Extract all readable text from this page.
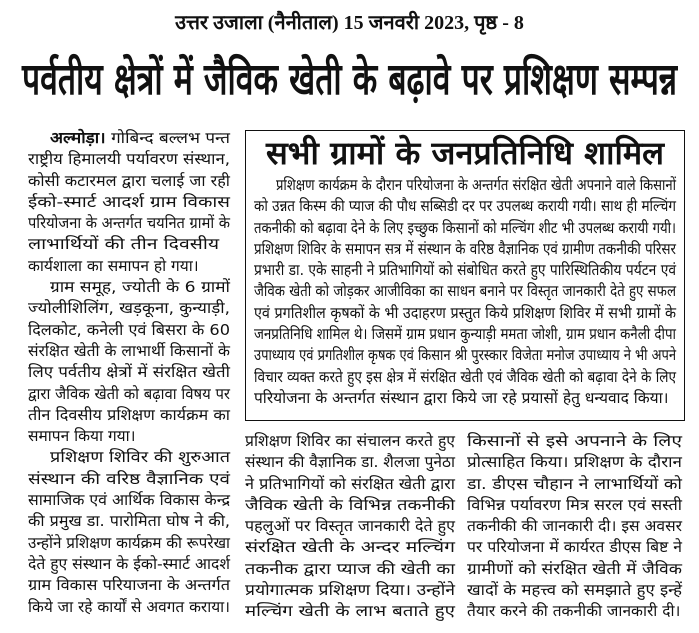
उत्तर उजाला (नैनीताल) 15 जनवरी 2023, पृष्ठ - 8
पर्वतीय क्षेत्रों में जैविक खेती के बढ़ावे पर प्रशिक्षण सम्पन्न
अल्मोड़ा। गोबिन्द बल्लभ पन्त
राष्ट्रीय हिमालयी पर्यावरण संस्थान,
कोसी कटारमल द्वारा चलाई जा रही
ईको-स्मार्ट आदर्श ग्राम विकास
परियोजना के अन्तर्गत चयनित ग्रामों के
लाभार्थियों की तीन दिवसीय
कार्यशाला का समापन हो गया।
ग्राम समूह, ज्योती के 6 ग्रामों
ज्योलीशिलिंग, खड़कूना, कुन्याड़ी,
दिलकोट, कनेली एवं बिसरा के 60
संरक्षित खेती के लाभार्थी किसानों के
लिए पर्वतीय क्षेत्रों में संरक्षित खेती
द्वारा जैविक खेती को बढ़ावा विषय पर
तीन दिवसीय प्रशिक्षण कार्यक्रम का
समापन किया गया।
प्रशिक्षण शिविर की शुरुआत
संस्थान की वरिष्ठ वैज्ञानिक एवं
सामाजिक एवं आर्थिक विकास केन्द्र
की प्रमुख डा. पारोमिता घोष ने की,
उन्होंने प्रशिक्षण कार्यक्रम की रूपरेखा
देते हुए संस्थान के ईको-स्मार्ट आदर्श
ग्राम विकास परियाजना के अन्तर्गत
किये जा रहे कार्यों से अवगत कराया।
सभी ग्रामों के जनप्रतिनिधि शामिल
प्रशिक्षण कार्यक्रम के दौरान परियोजना के अन्तर्गत संरक्षित खेती अपनाने वाले किसानों
को उन्नत किस्म की प्याज की पौध सब्सिडी दर पर उपलब्ध करायी गयी। साथ ही मल्चिंग
तकनीकी को बढ़ावा देने के लिए इच्छुक किसानों को मल्चिंग शीट भी उपलब्ध करायी गयी।
प्रशिक्षण शिविर के समापन सत्र में संस्थान के वरिष्ठ वैज्ञानिक एवं ग्रामीण तकनीकी परिसर
प्रभारी डा. एके साहनी ने प्रतिभागियों को संबोधित करते हुए पारिस्थितिकीय पर्यटन एवं
जैविक खेती को जोड़कर आजीविका का साधन बनाने पर विस्तृत जानकारी देते हुए सफल
एवं प्रगतिशील कृषकों के भी उदाहरण प्रस्तुत किये प्रशिक्षण शिविर में सभी ग्रामों के
जनप्रतिनिधि शामिल थे। जिसमें ग्राम प्रधान कुन्याड़ी ममता जोशी, ग्राम प्रधान कनैली दीपा
उपाध्याय एवं प्रगतिशील कृषक एवं किसान श्री पुरस्कार विजेता मनोज उपाध्याय ने भी अपने
विचार व्यक्त करते हुए इस क्षेत्र में संरक्षित खेती एवं जैविक खेती को बढ़ावा देने के लिए
परियोजना के अन्तर्गत संस्थान द्वारा किये जा रहे प्रयासों हेतु धन्यवाद किया।
प्रशिक्षण शिविर का संचालन करते हुए
संस्थान की वैज्ञानिक डा. शैलजा पुनेठा
ने प्रतिभागियों को संरक्षित खेती द्वारा
जैविक खेती के विभिन्न तकनीकी
पहलुओं पर विस्तृत जानकारी देते हुए
संरक्षित खेती के अन्दर मल्चिंग
तकनीक द्वारा प्याज की खेती का
प्रयोगात्मक प्रशिक्षण दिया। उन्होंने
मल्चिंग खेती के लाभ बताते हुए
किसानों से इसे अपनाने के लिए
प्रोत्साहित किया। प्रशिक्षण के दौरान
डा. डीएस चौहान ने लाभार्थियों को
विभिन्न पर्यावरण मित्र सरल एवं सस्ती
तकनीकी की जानकारी दी। इस अवसर
पर परियोजना में कार्यरत डीएस बिष्ट ने
ग्रामीणों को संरक्षित खेती में जैविक
खादों के महत्त्व को समझाते हुए इन्हें
तैयार करने की तकनीकी जानकारी दी।
